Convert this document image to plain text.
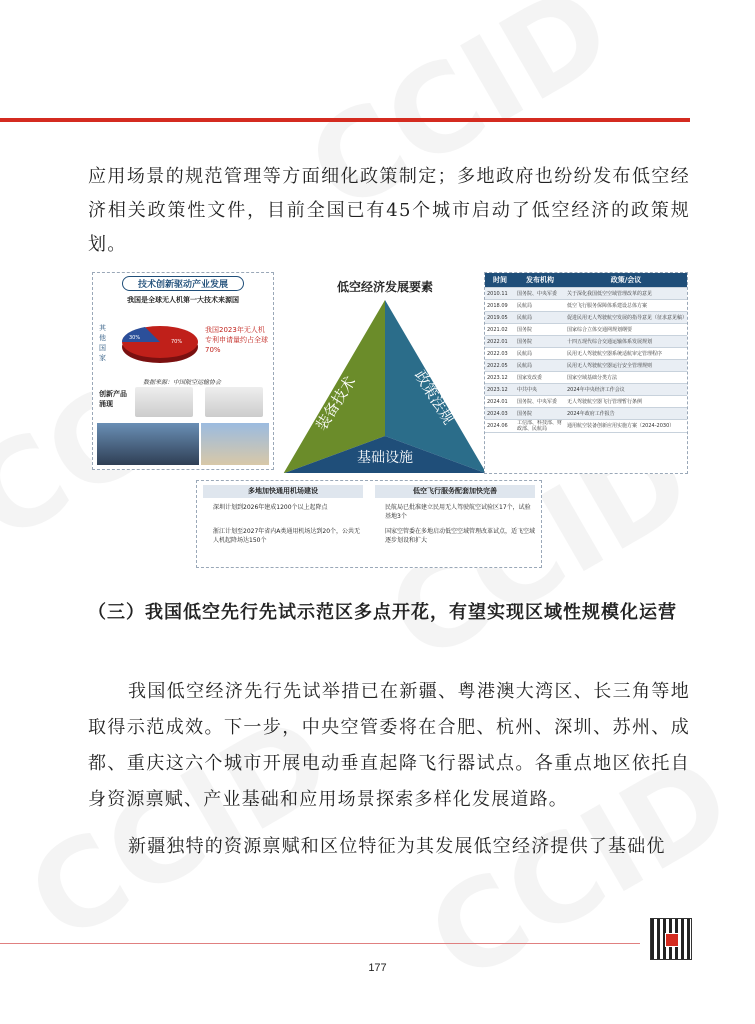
应用场景的规范管理等方面细化政策制定；多地政府也纷纷发布低空经济相关政策性文件，目前全国已有45个城市启动了低空经济的政策规划。
技术创新驱动产业发展
我国是全球无人机第一大技术来源国
其他国家
30%
70%
我国2023年无人机专利申请量约占全球70%
数据来源：中国航空运输协会
创新产品涌现
低空经济发展要素
装备技术	政策法规
基础设施
时间	发布机构	政策/会议
2010.11	国务院、中央军委	关于深化我国低空空域管理改革的意见
2018.09	民航局	低空飞行服务保障体系建设总体方案
2019.05	民航局	促进民用无人驾驶航空发展的指导意见（征求意见稿）
2021.02	国务院	国家综合立体交通网规划纲要
2022.01	国务院	十四五现代综合交通运输体系发展规划
2022.03	民航局	民用无人驾驶航空器系统适航审定管理程序
2022.05	民航局	民用无人驾驶航空器运行安全管理规则
2023.12	国家发改委	国家空域基础分类方法
2023.12	中共中央	2024年中央经济工作会议
2024.01	国务院、中央军委	无人驾驶航空器飞行管理暂行条例
2024.03	国务院	2024年政府工作报告
2024.06	工信部、科技部、财政部、民航局	通用航空装备创新应用实施方案（2024-2030）
多地加快通用机场建设	低空飞行服务配套加快完善
深圳计划到2026年建成1200个以上起降点
浙江计划至2027年省内A类通用机场达到20个，公共无人机起降场达150个
民航局已批准建立民用无人驾驶航空试验区17个，试验基地3个
国家空管委在多地启动低空空域管理改革试点，适飞空域逐步划设和扩大
（三）我国低空先行先试示范区多点开花，有望实现区域性规模化运营
我国低空经济先行先试举措已在新疆、粤港澳大湾区、长三角等地取得示范成效。下一步，中央空管委将在合肥、杭州、深圳、苏州、成都、重庆这六个城市开展电动垂直起降飞行器试点。各重点地区依托自身资源禀赋、产业基础和应用场景探索多样化发展道路。
新疆独特的资源禀赋和区位特征为其发展低空经济提供了基础优
177
